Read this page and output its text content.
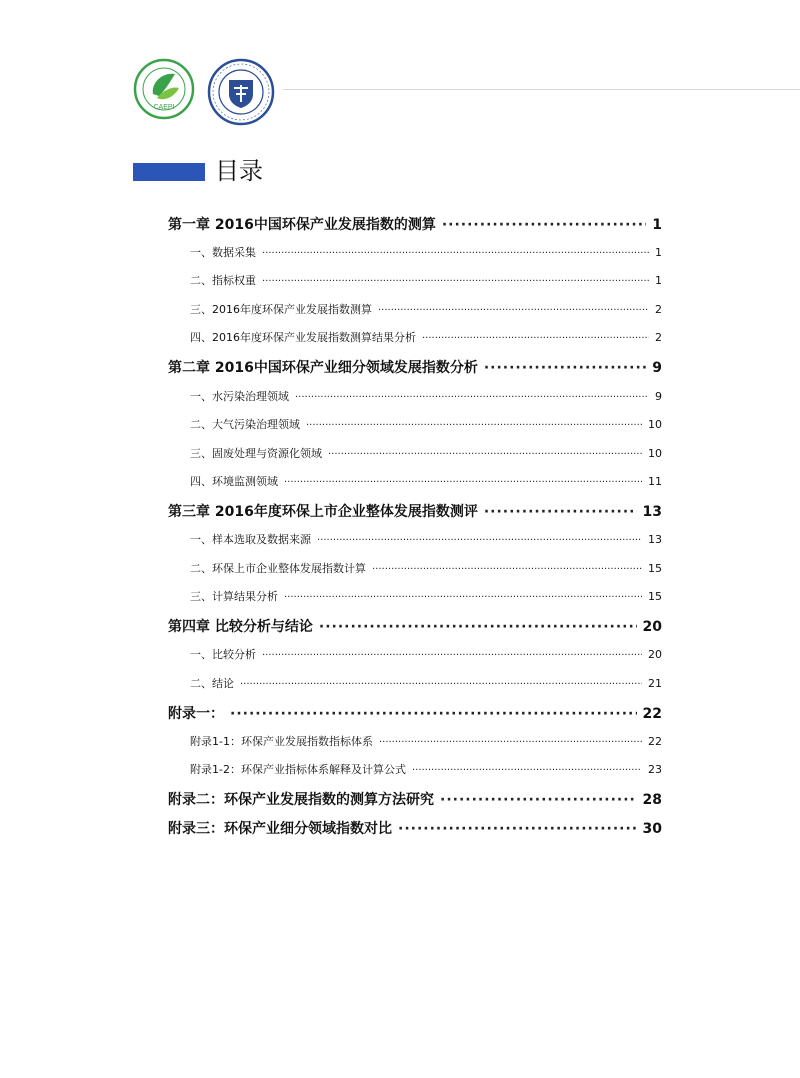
CAEPI
目录
第一章 2016中国环保产业发展指数的测算 ·····	1
一、数据采集 ·····	1
二、指标权重 ·····	1
三、2016年度环保产业发展指数测算 ·····	2
四、2016年度环保产业发展指数测算结果分析 ·····	2
第二章 2016中国环保产业细分领域发展指数分析 ·····	9
一、水污染治理领域 ·····	9
二、大气污染治理领域 ·····	10
三、固废处理与资源化领域 ·····	10
四、环境监测领域 ·····	11
第三章 2016年度环保上市企业整体发展指数测评 ·····	13
一、样本选取及数据来源 ·····	13
二、环保上市企业整体发展指数计算 ·····	15
三、计算结果分析 ·····	15
第四章 比较分析与结论 ·····	20
一、比较分析 ·····	20
二、结论 ·····	21
附录一： ·····	22
附录1-1：环保产业发展指数指标体系 ·····	22
附录1-2：环保产业指标体系解释及计算公式 ·····	23
附录二：环保产业发展指数的测算方法研究 ·····	28
附录三：环保产业细分领域指数对比 ·····	30
